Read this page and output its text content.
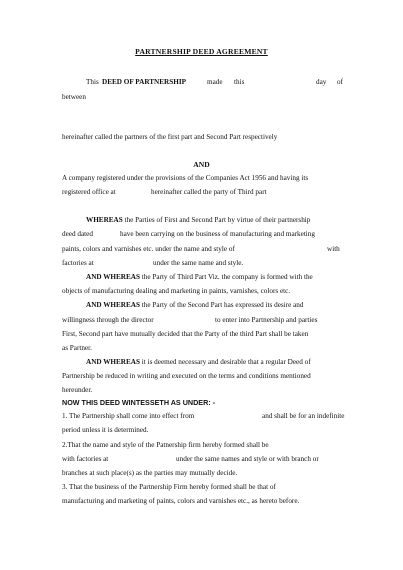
PARTNERSHIP DEED AGREEMENT
This DEED OF PARTNERSHIP	made this	day of
between
hereinafter called the partners of the first part and Second Part respectively
AND
A company registered under the provisions of the Companies Act 1956 and having its
registered office at	hereinafter called the party of Third part
WHEREAS the Parties of First and Second Part by virtue of their partnership
deed dated	have been carrying on the business of manufacturing and marketing
paints, colors and varnishes etc. under the name and style of	with
factories at	under the same name and style.
AND WHEREAS the Party of Third Part Viz. the company is formed with the
objects of manufacturing dealing and marketing in paints, varnishes, colors etc.
AND WHEREAS the Party of the Second Part has expressed its desire and
willingness through the director	to enter into Partnership and parties
First, Second part have mutually decided that the Party of the third Part shall be taken
as Partner.
AND WHEREAS it is deemed necessary and desirable that a regular Deed of
Partnership be reduced in writing and executed on the terms and conditions mentioned
hereunder.
NOW THIS DEED WINTESSETH AS UNDER: -
1. The Partnership shall come into effect from	and shall be for an indefinite
period unless it is determined.
2.That the name and style of the Patnership firm hereby formed shall be
with factories at	under the same names and style or with branch or
branches at such place(s) as the parties may mutually decide.
3. That the business of the Partnership Firm hereby formed shall be that of
manufacturing and marketing of paints, colors and varnishes etc., as hereto before.
